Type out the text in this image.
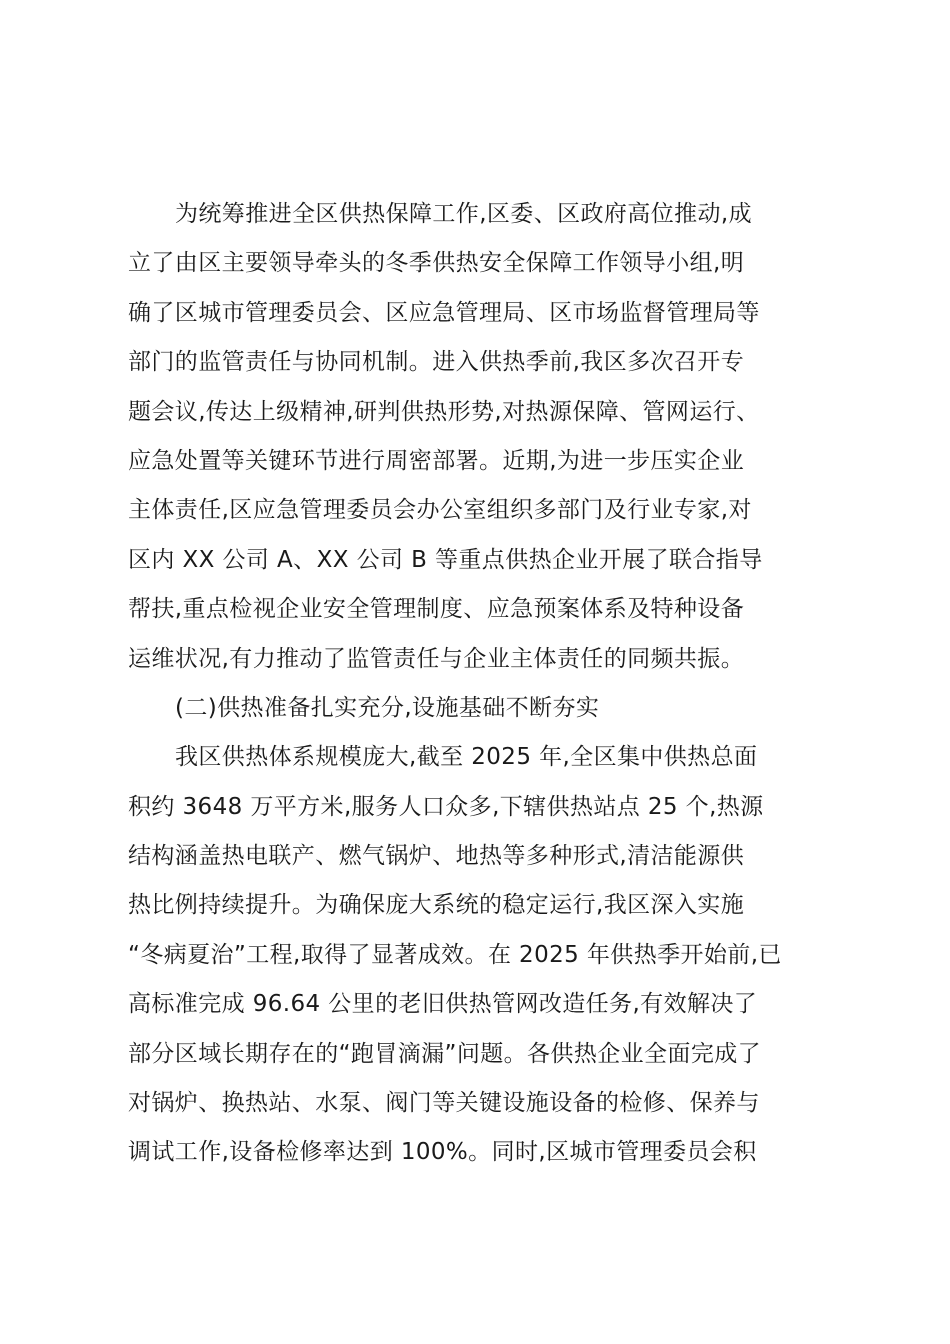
为统筹推进全区供热保障工作,区委、区政府高位推动,成
立了由区主要领导牵头的冬季供热安全保障工作领导小组,明
确了区城市管理委员会、区应急管理局、区市场监督管理局等
部门的监管责任与协同机制。进入供热季前,我区多次召开专
题会议,传达上级精神,研判供热形势,对热源保障、管网运行、
应急处置等关键环节进行周密部署。近期,为进一步压实企业
主体责任,区应急管理委员会办公室组织多部门及行业专家,对
区内 XX 公司 A、XX 公司 B 等重点供热企业开展了联合指导
帮扶,重点检视企业安全管理制度、应急预案体系及特种设备
运维状况,有力推动了监管责任与企业主体责任的同频共振。
(二)供热准备扎实充分,设施基础不断夯实
我区供热体系规模庞大,截至 2025 年,全区集中供热总面
积约 3648 万平方米,服务人口众多,下辖供热站点 25 个,热源
结构涵盖热电联产、燃气锅炉、地热等多种形式,清洁能源供
热比例持续提升。为确保庞大系统的稳定运行,我区深入实施
“冬病夏治”工程,取得了显著成效。在 2025 年供热季开始前,已
高标准完成 96.64 公里的老旧供热管网改造任务,有效解决了
部分区域长期存在的“跑冒滴漏”问题。各供热企业全面完成了
对锅炉、换热站、水泵、阀门等关键设施设备的检修、保养与
调试工作,设备检修率达到 100%。同时,区城市管理委员会积
